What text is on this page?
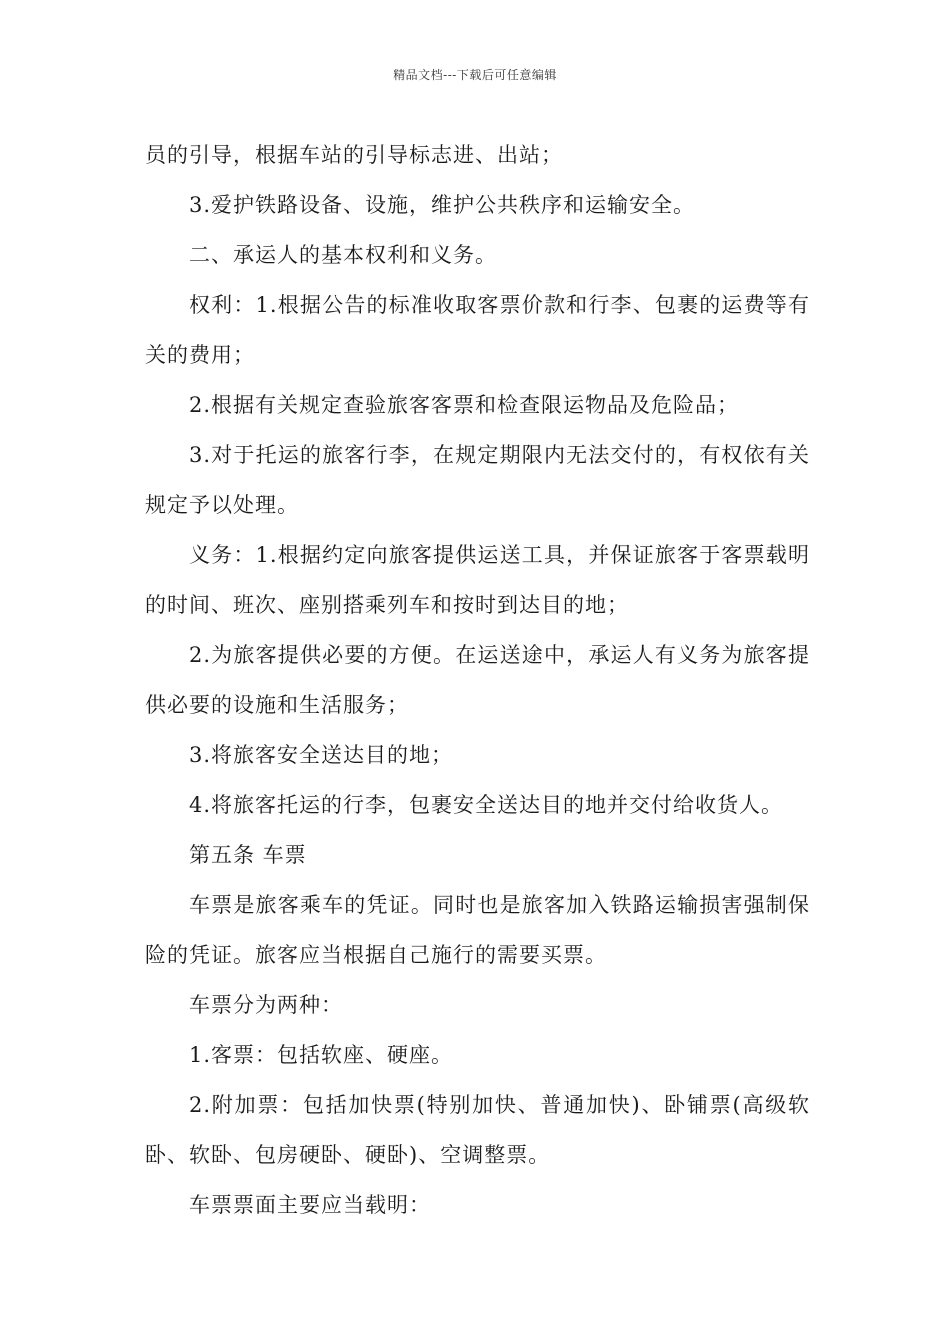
精品文档---下载后可任意编辑

员的引导，根据车站的引导标志进、出站；

3.爱护铁路设备、设施，维护公共秩序和运输安全。

二、承运人的基本权利和义务。

权利：1.根据公告的标准收取客票价款和行李、包裹的运费等有关的费用；

2.根据有关规定查验旅客客票和检查限运物品及危险品；

3.对于托运的旅客行李，在规定期限内无法交付的，有权依有关规定予以处理。

义务：1.根据约定向旅客提供运送工具，并保证旅客于客票载明的时间、班次、座别搭乘列车和按时到达目的地；

2.为旅客提供必要的方便。在运送途中，承运人有义务为旅客提供必要的设施和生活服务；

3.将旅客安全送达目的地；

4.将旅客托运的行李，包裹安全送达目的地并交付给收货人。

第五条 车票

车票是旅客乘车的凭证。同时也是旅客加入铁路运输损害强制保险的凭证。旅客应当根据自己施行的需要买票。

车票分为两种：

1.客票：包括软座、硬座。

2.附加票：包括加快票(特别加快、普通加快)、卧铺票(高级软卧、软卧、包房硬卧、硬卧)、空调整票。

车票票面主要应当载明：
